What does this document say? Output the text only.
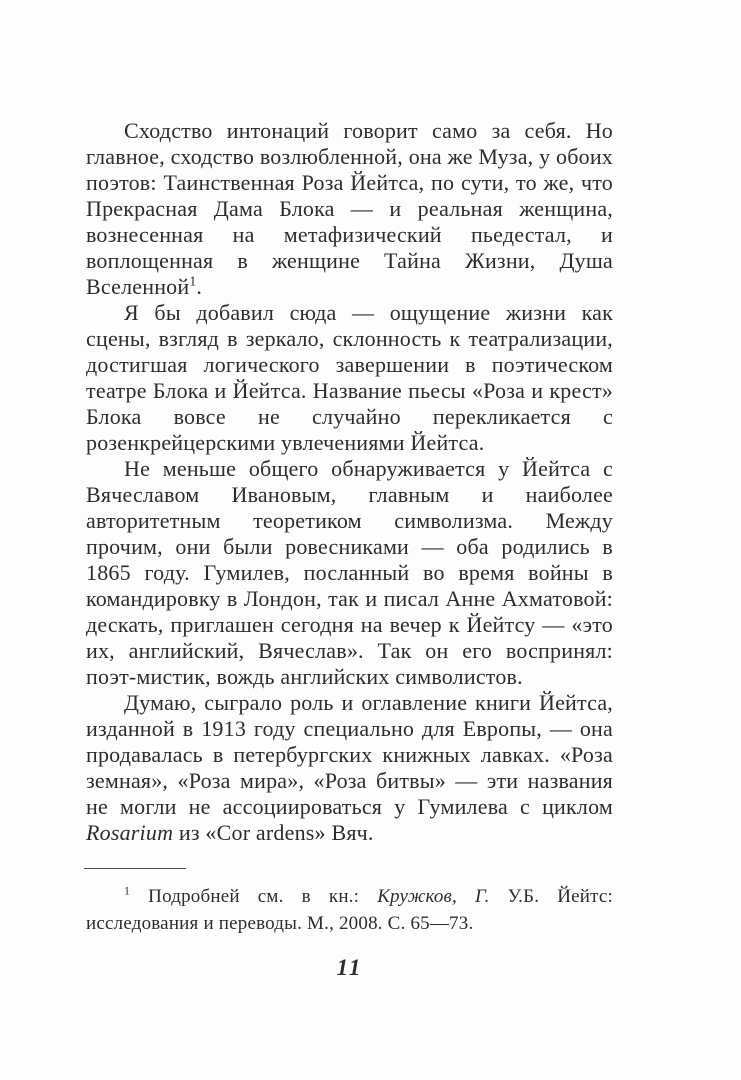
Сходство интонаций говорит само за себя. Но главное, сходство возлюбленной, она же Муза, у обоих поэтов: Таинственная Роза Йейтса, по сути, то же, что Прекрасная Дама Блока — и реальная женщина, вознесенная на метафизический пьедестал, и воплощенная в женщине Тайна Жизни, Душа Вселенной$^1$.

Я бы добавил сюда — ощущение жизни как сцены, взгляд в зеркало, склонность к театрализации, достигшая логического завершении в поэтическом театре Блока и Йейтса. Название пьесы «Роза и крест» Блока вовсе не случайно перекликается с розенкрейцерскими увлечениями Йейтса.

Не меньше общего обнаруживается у Йейтса с Вячеславом Ивановым, главным и наиболее авторитетным теоретиком символизма. Между прочим, они были ровесниками — оба родились в 1865 году. Гумилев, посланный во время войны в командировку в Лондон, так и писал Анне Ахматовой: дескать, приглашен сегодня на вечер к Йейтсу — «это их, английский, Вячеслав». Так он его воспринял: поэт-мистик, вождь английских символистов.

Думаю, сыграло роль и оглавление книги Йейтса, изданной в 1913 году специально для Европы, — она продавалась в петербургских книжных лавках. «Роза земная», «Роза мира», «Роза битвы» — эти названия не могли не ассоциироваться у Гумилева с циклом Rosarium из «Cor ardens» Вяч.

$^1$ Подробней см. в кн.: Кружков, Г. У.Б. Йейтс: исследования и переводы. М., 2008. С. 65—73.
11
